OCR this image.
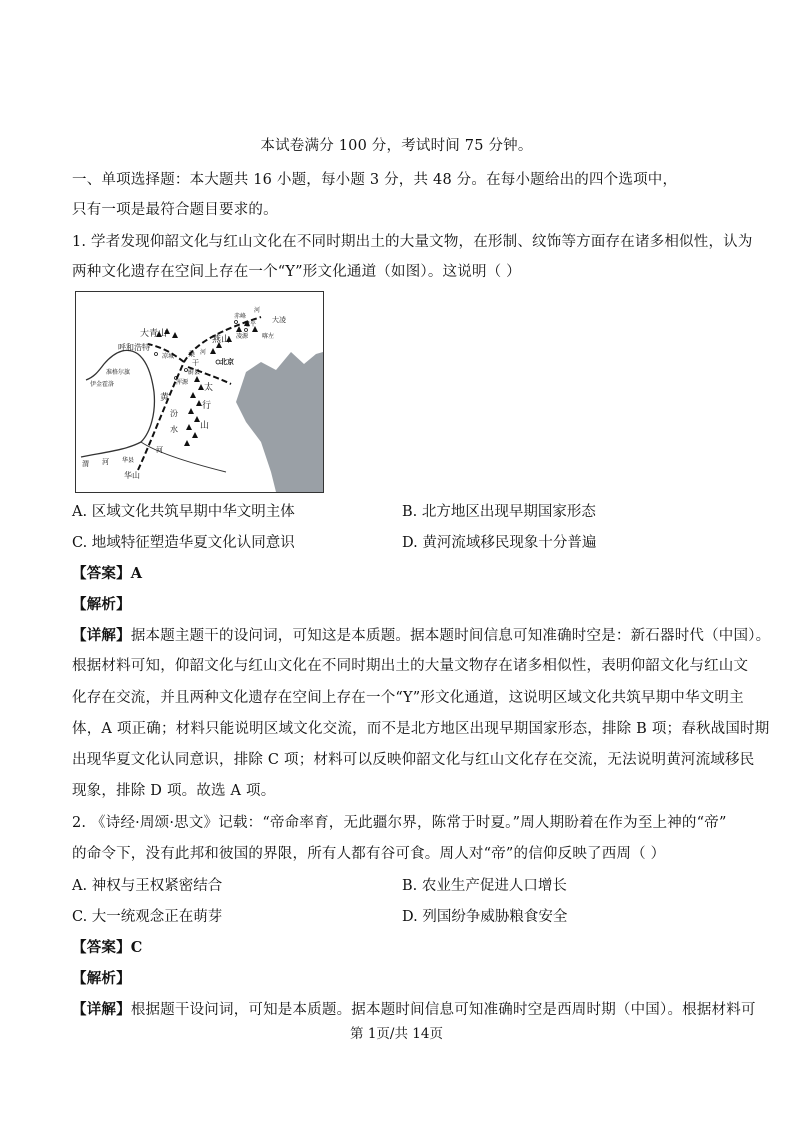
本试卷满分 100 分，考试时间 75 分钟。
一、单项选择题：本大题共 16 小题，每小题 3 分，共 48 分。在每小题给出的四个选项中，
只有一项是最符合题目要求的。
1. 学者发现仰韶文化与红山文化在不同时期出土的大量文物，在形制、纹饰等方面存在诸多相似性，认为
两种文化遗存在空间上存在一个“Y”形文化通道（如图）。这说明（ ）
大青山
呼和浩特
准格尔旗
伊金霍洛
凉城
燕山
北京
桑
干
河
蔚县
浑源
太
行
山
黄
汾
水
河
渭 河 华县
华山
河
赤峰
建平
大凌
凌源 喀左
A. 区域文化共筑早期中华文明主体	B. 北方地区出现早期国家形态
C. 地域特征塑造华夏文化认同意识	D. 黄河流域移民现象十分普遍
【答案】A
【解析】
【详解】据本题主题干的设问词，可知这是本质题。据本题时间信息可知准确时空是：新石器时代（中国）。
根据材料可知，仰韶文化与红山文化在不同时期出土的大量文物存在诸多相似性，表明仰韶文化与红山文
化存在交流，并且两种文化遗存在空间上存在一个“Y”形文化通道，这说明区域文化共筑早期中华文明主
体，A 项正确；材料只能说明区域文化交流，而不是北方地区出现早期国家形态，排除 B 项；春秋战国时期
出现华夏文化认同意识，排除 C 项；材料可以反映仰韶文化与红山文化存在交流，无法说明黄河流域移民
现象，排除 D 项。故选 A 项。
2. 《诗经·周颂·思文》记载：“帝命率育，无此疆尔界，陈常于时夏。”周人期盼着在作为至上神的“帝”
的命令下，没有此邦和彼国的界限，所有人都有谷可食。周人对“帝”的信仰反映了西周（ ）
A. 神权与王权紧密结合	B. 农业生产促进人口增长
C. 大一统观念正在萌芽	D. 列国纷争威胁粮食安全
【答案】C
【解析】
【详解】根据题干设问词，可知是本质题。据本题时间信息可知准确时空是西周时期（中国）。根据材料可
第 1页/共 14页
